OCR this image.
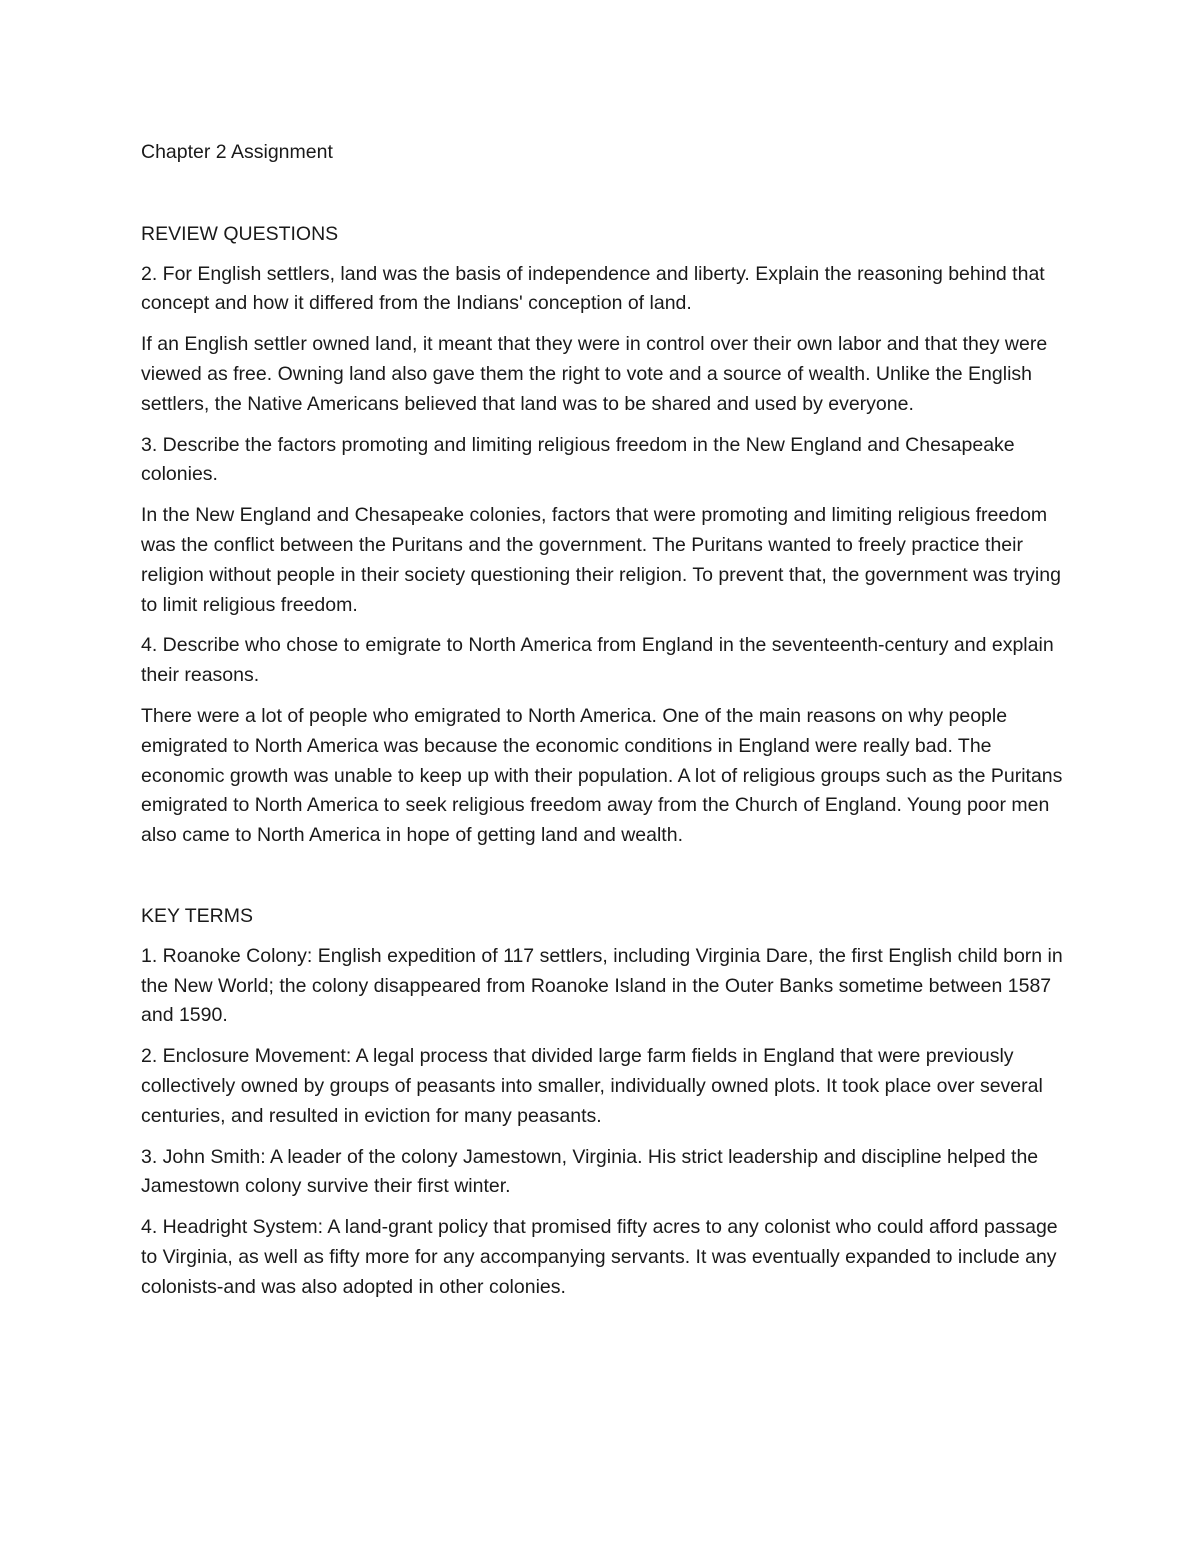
Chapter 2 Assignment

REVIEW QUESTIONS

2. For English settlers, land was the basis of independence and liberty. Explain the reasoning behind that concept and how it differed from the Indians' conception of land.

If an English settler owned land, it meant that they were in control over their own labor and that they were viewed as free. Owning land also gave them the right to vote and a source of wealth. Unlike the English settlers, the Native Americans believed that land was to be shared and used by everyone.

3. Describe the factors promoting and limiting religious freedom in the New England and Chesapeake colonies.

In the New England and Chesapeake colonies, factors that were promoting and limiting religious freedom was the conflict between the Puritans and the government. The Puritans wanted to freely practice their religion without people in their society questioning their religion. To prevent that, the government was trying to limit religious freedom.

4. Describe who chose to emigrate to North America from England in the seventeenth-century and explain their reasons.

There were a lot of people who emigrated to North America. One of the main reasons on why people emigrated to North America was because the economic conditions in England were really bad. The economic growth was unable to keep up with their population. A lot of religious groups such as the Puritans emigrated to North America to seek religious freedom away from the Church of England. Young poor men also came to North America in hope of getting land and wealth.

KEY TERMS

1. Roanoke Colony: English expedition of 117 settlers, including Virginia Dare, the first English child born in the New World; the colony disappeared from Roanoke Island in the Outer Banks sometime between 1587 and 1590.

2. Enclosure Movement: A legal process that divided large farm fields in England that were previously collectively owned by groups of peasants into smaller, individually owned plots. It took place over several centuries, and resulted in eviction for many peasants.

3. John Smith: A leader of the colony Jamestown, Virginia. His strict leadership and discipline helped the Jamestown colony survive their first winter.

4. Headright System: A land-grant policy that promised fifty acres to any colonist who could afford passage to Virginia, as well as fifty more for any accompanying servants. It was eventually expanded to include any colonists-and was also adopted in other colonies.
